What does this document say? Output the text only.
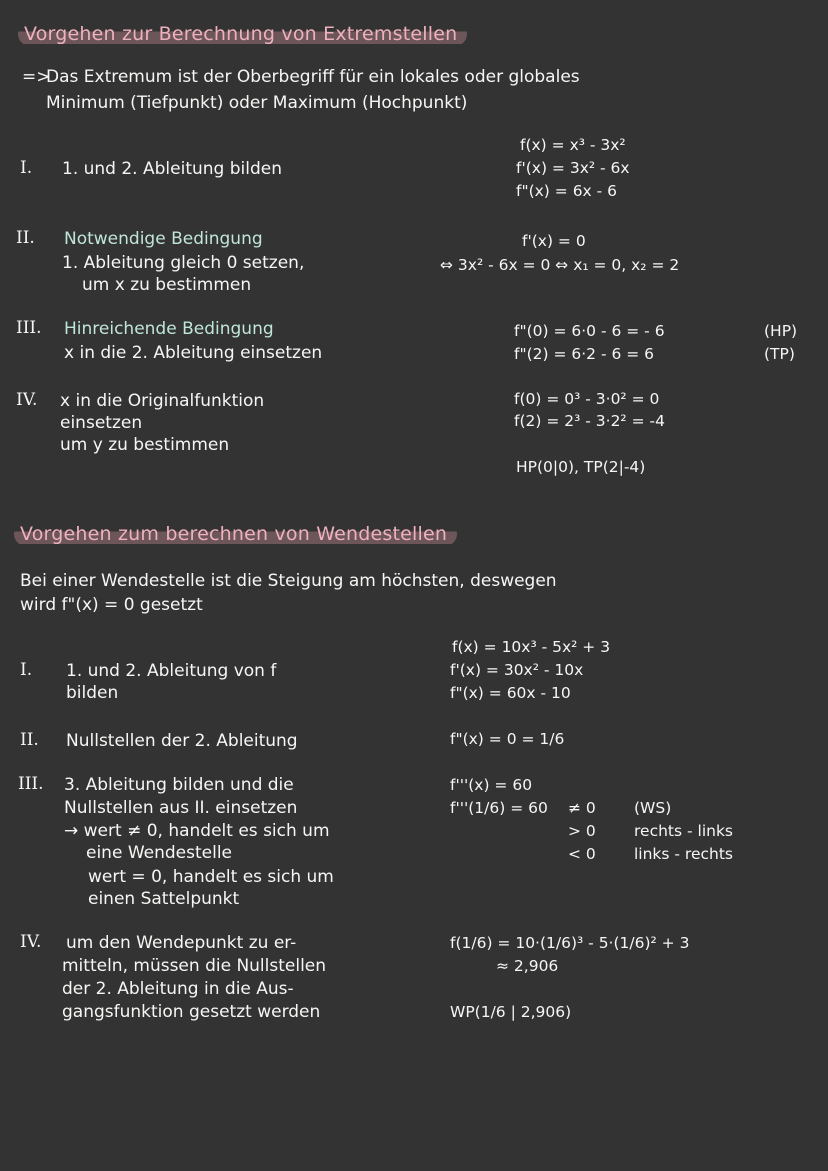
Vorgehen zur Berechnung von Extremstellen
=>
Das Extremum ist der Oberbegriff für ein lokales oder globales
Minimum (Tiefpunkt) oder Maximum (Hochpunkt)
I. 1. und 2. Ableitung bilden
f(x) = x³ - 3x²
f'(x) = 3x² - 6x
f"(x) = 6x - 6
II. Notwendige Bedingung
1. Ableitung gleich 0 setzen,
um x zu bestimmen
f'(x) = 0
⇔ 3x² - 6x = 0 ⇔ x₁ = 0, x₂ = 2
III. Hinreichende Bedingung
x in die 2. Ableitung einsetzen
f"(0) = 6·0 - 6 = - 6
f"(2) = 6·2 - 6 = 6
(HP)
(TP)
IV. x in die Originalfunktion
einsetzen
um y zu bestimmen
f(0) = 0³ - 3·0² = 0
f(2) = 2³ - 3·2² = -4
HP(0|0), TP(2|-4)
Vorgehen zum berechnen von Wendestellen
Bei einer Wendestelle ist die Steigung am höchsten, deswegen
wird f"(x) = 0 gesetzt
I. 1. und 2. Ableitung von f
bilden
f(x) = 10x³ - 5x² + 3
f'(x) = 30x² - 10x
f"(x) = 60x - 10
II. Nullstellen der 2. Ableitung	f"(x) = 0 = 1/6
III. 3. Ableitung bilden und die
Nullstellen aus II. einsetzen
→ wert ≠ 0, handelt es sich um
eine Wendestelle
wert = 0, handelt es sich um
einen Sattelpunkt
f'''(x) = 60
f'''(1/6) = 60 ≠ 0
> 0
< 0
(WS)
rechts - links
links - rechts
IV. um den Wendepunkt zu er-
mitteln, müssen die Nullstellen
der 2. Ableitung in die Aus-
gangsfunktion gesetzt werden
f(1/6) = 10·(1/6)³ - 5·(1/6)² + 3
≈ 2,906
WP(1/6 | 2,906)
